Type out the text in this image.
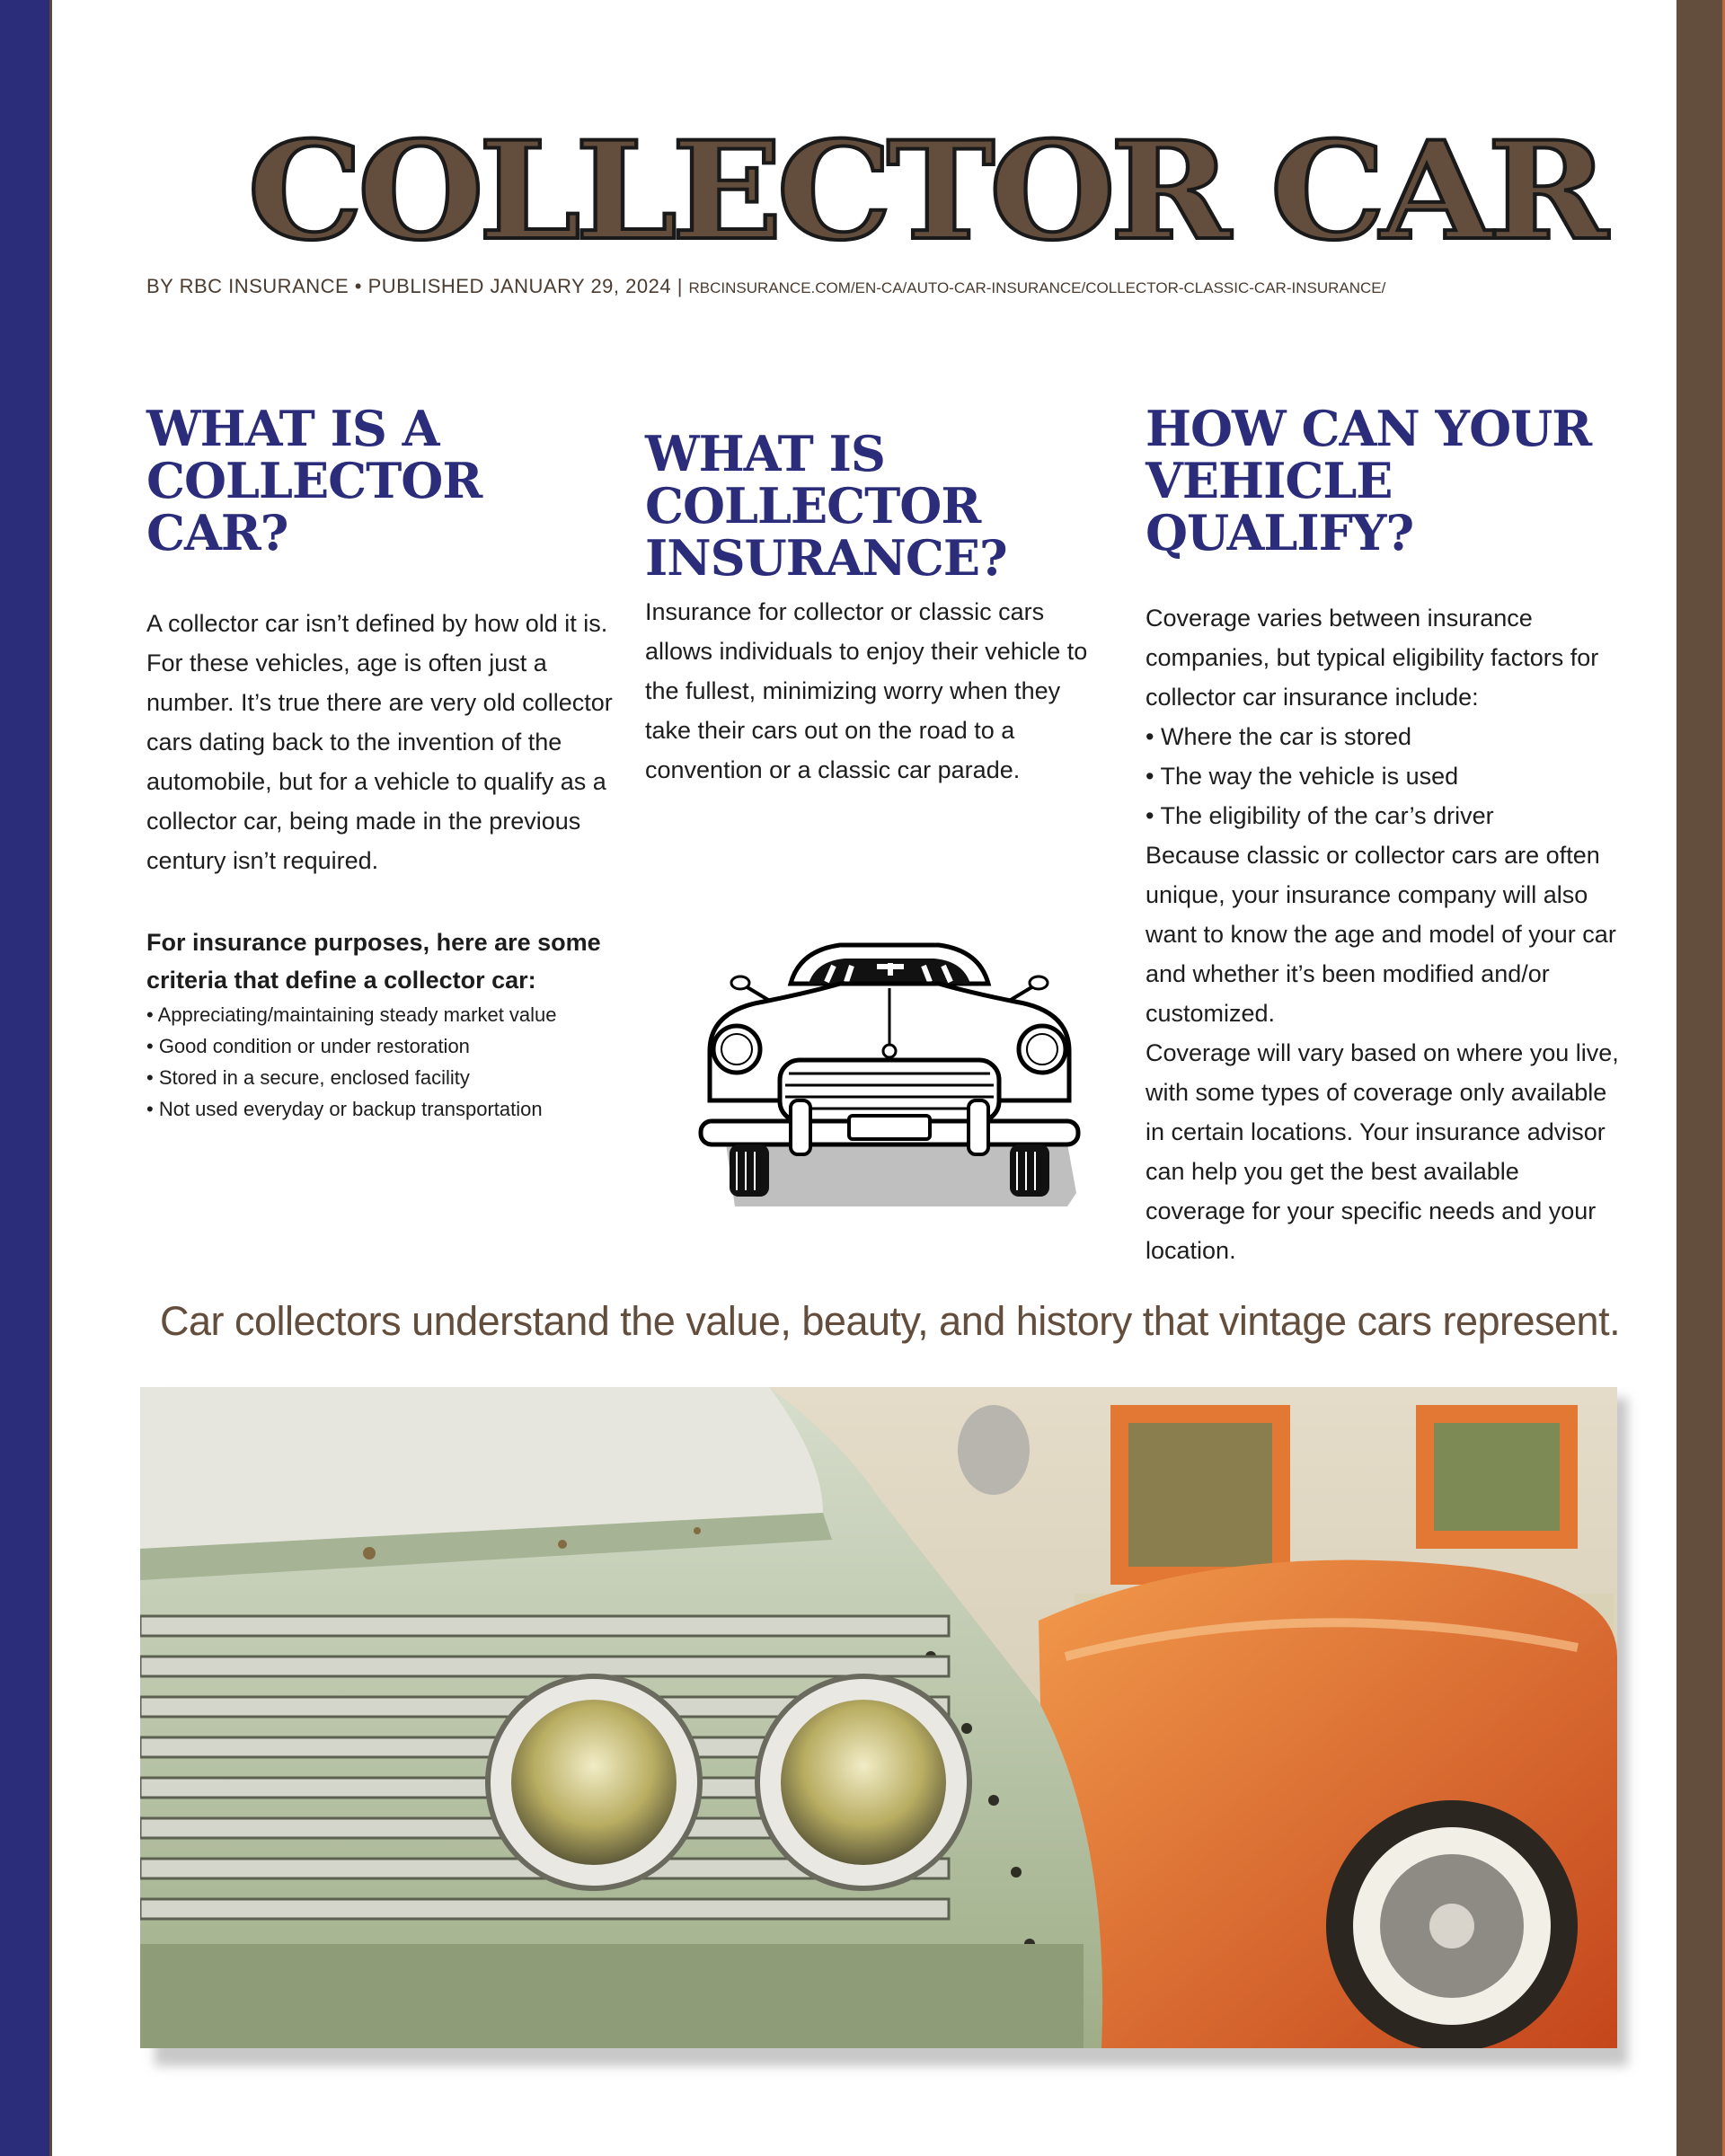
COLLECTOR CAR
BY RBC INSURANCE • PUBLISHED JANUARY 29, 2024 | RBCINSURANCE.COM/EN-CA/AUTO-CAR-INSURANCE/COLLECTOR-CLASSIC-CAR-INSURANCE/
WHAT IS A COLLECTOR CAR?
A collector car isn’t defined by how old it is. For these vehicles, age is often just a number. It’s true there are very old collector cars dating back to the invention of the automobile, but for a vehicle to qualify as a collector car, being made in the previous century isn’t required.
For insurance purposes, here are some criteria that define a collector car:
• Appreciating/maintaining steady market value
• Good condition or under restoration
• Stored in a secure, enclosed facility
• Not used everyday or backup transportation
WHAT IS COLLECTOR INSURANCE?
Insurance for collector or classic cars allows individuals to enjoy their vehicle to the fullest, minimizing worry when they take their cars out on the road to a convention or a classic car parade.
HOW CAN YOUR VEHICLE QUALIFY?
Coverage varies between insurance companies, but typical eligibility factors for collector car insurance include:
• Where the car is stored
• The way the vehicle is used
• The eligibility of the car’s driver
Because classic or collector cars are often unique, your insurance company will also want to know the age and model of your car and whether it’s been modified and/or customized.
Coverage will vary based on where you live, with some types of coverage only available in certain locations. Your insurance advisor can help you get the best available coverage for your specific needs and your location.
Car collectors understand the value, beauty, and history that vintage cars represent.
